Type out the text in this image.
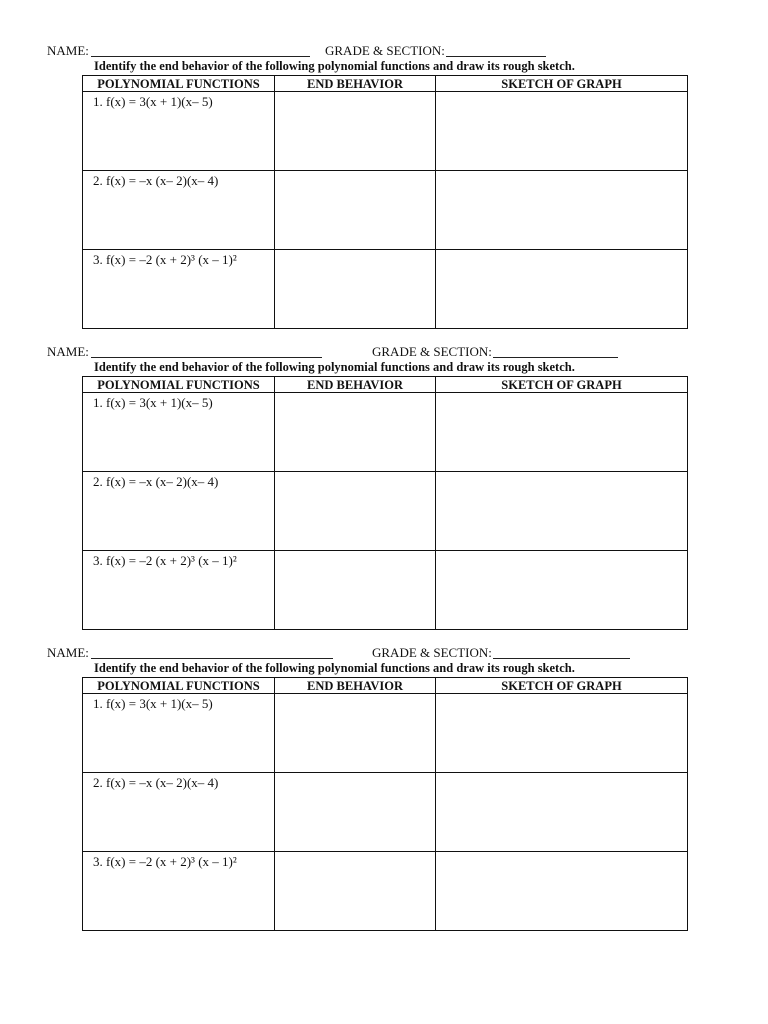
NAME:	GRADE & SECTION:
Identify the end behavior of the following polynomial functions and draw its rough sketch.
POLYNOMIAL FUNCTIONS	END BEHAVIOR	SKETCH OF GRAPH

1. f(x) = 3(x + 1)(x– 5)		

2. f(x) = –x (x– 2)(x– 4)		

3. f(x) = –2 (x + 2)³ (x – 1)²		

NAME:	GRADE & SECTION:
Identify the end behavior of the following polynomial functions and draw its rough sketch.
POLYNOMIAL FUNCTIONS	END BEHAVIOR	SKETCH OF GRAPH

1. f(x) = 3(x + 1)(x– 5)		

2. f(x) = –x (x– 2)(x– 4)		

3. f(x) = –2 (x + 2)³ (x – 1)²		

NAME:	GRADE & SECTION:
Identify the end behavior of the following polynomial functions and draw its rough sketch.
POLYNOMIAL FUNCTIONS	END BEHAVIOR	SKETCH OF GRAPH

1. f(x) = 3(x + 1)(x– 5)		

2. f(x) = –x (x– 2)(x– 4)		

3. f(x) = –2 (x + 2)³ (x – 1)²		
